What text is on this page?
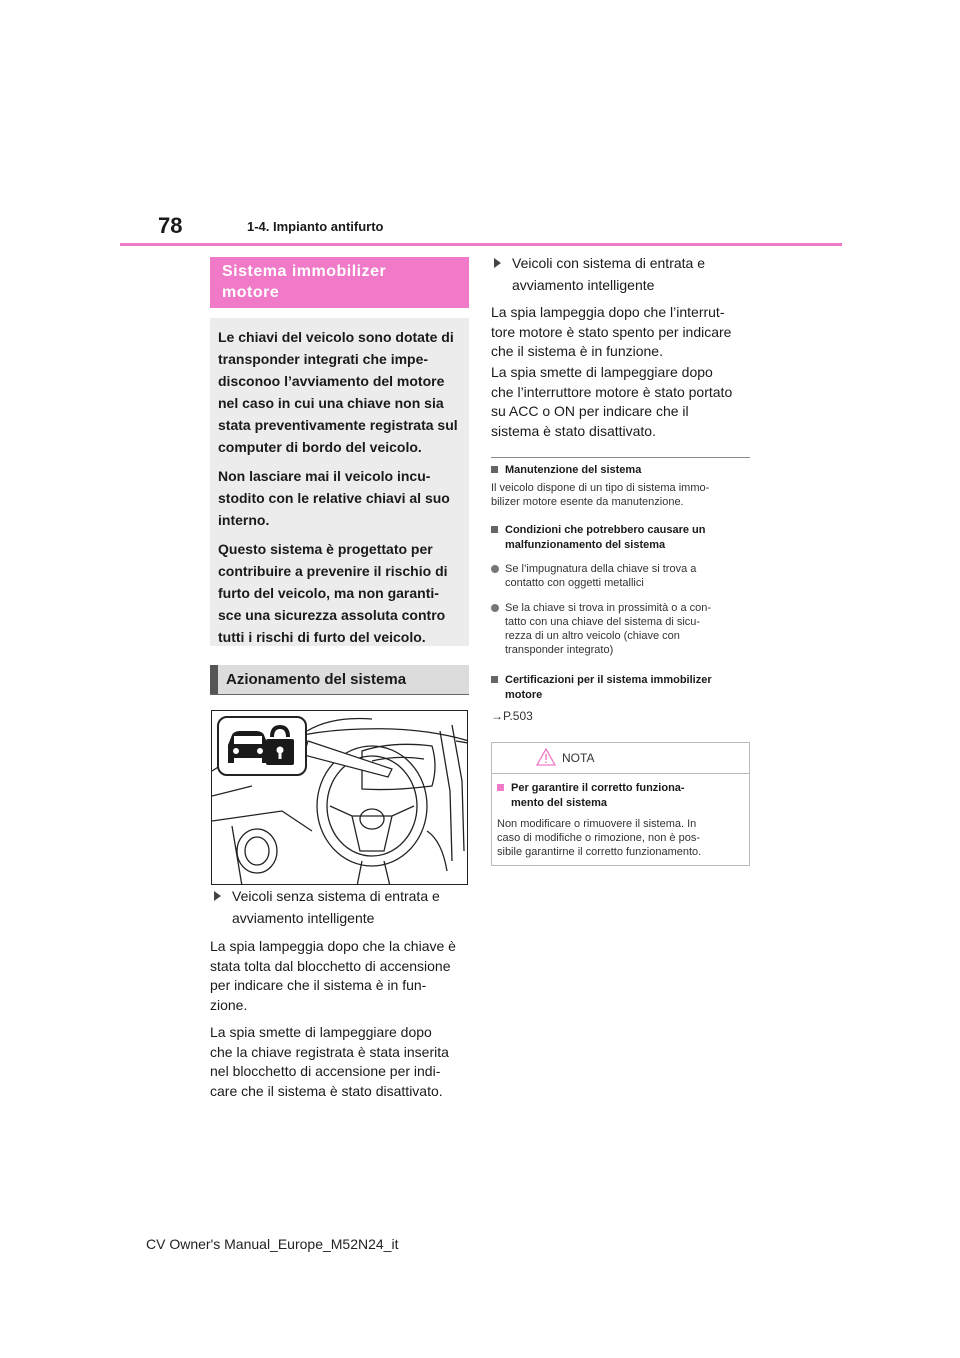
78	1-4. Impianto antifurto
Sistema immobilizer
motore

Le chiavi del veicolo sono dotate di transponder integrati che impe-disconoo l’avviamento del motore nel caso in cui una chiave non sia stata preventivamente registrata sul computer di bordo del veicolo.

Non lasciare mai il veicolo incu-stodito con le relative chiavi al suo interno.

Questo sistema è progettato per contribuire a prevenire il rischio di furto del veicolo, ma non garanti-sce una sicurezza assoluta contro tutti i rischi di furto del veicolo.

Azionamento del sistema
Veicoli senza sistema di entrata e
avviamento intelligente
La spia lampeggia dopo che la chiave è
stata tolta dal blocchetto di accensione
per indicare che il sistema è in fun-
zione.
La spia smette di lampeggiare dopo
che la chiave registrata è stata inserita
nel blocchetto di accensione per indi-
care che il sistema è stato disattivato.
Veicoli con sistema di entrata e
avviamento intelligente
La spia lampeggia dopo che l’interrut-
tore motore è stato spento per indicare
che il sistema è in funzione.
La spia smette di lampeggiare dopo
che l’interruttore motore è stato portato
su ACC o ON per indicare che il
sistema è stato disattivato.
Manutenzione del sistema
Il veicolo dispone di un tipo di sistema immo-
bilizer motore esente da manutenzione.
Condizioni che potrebbero causare un
malfunzionamento del sistema
Se l’impugnatura della chiave si trova a
contatto con oggetti metallici
Se la chiave si trova in prossimità o a con-
tatto con una chiave del sistema di sicu-
rezza di un altro veicolo (chiave con
transponder integrato)
Certificazioni per il sistema immobilizer
motore
→P.503
NOTA
Per garantire il corretto funziona-
mento del sistema
Non modificare o rimuovere il sistema. In
caso di modifiche o rimozione, non è pos-
sibile garantirne il corretto funzionamento.
CV Owner's Manual_Europe_M52N24_it
